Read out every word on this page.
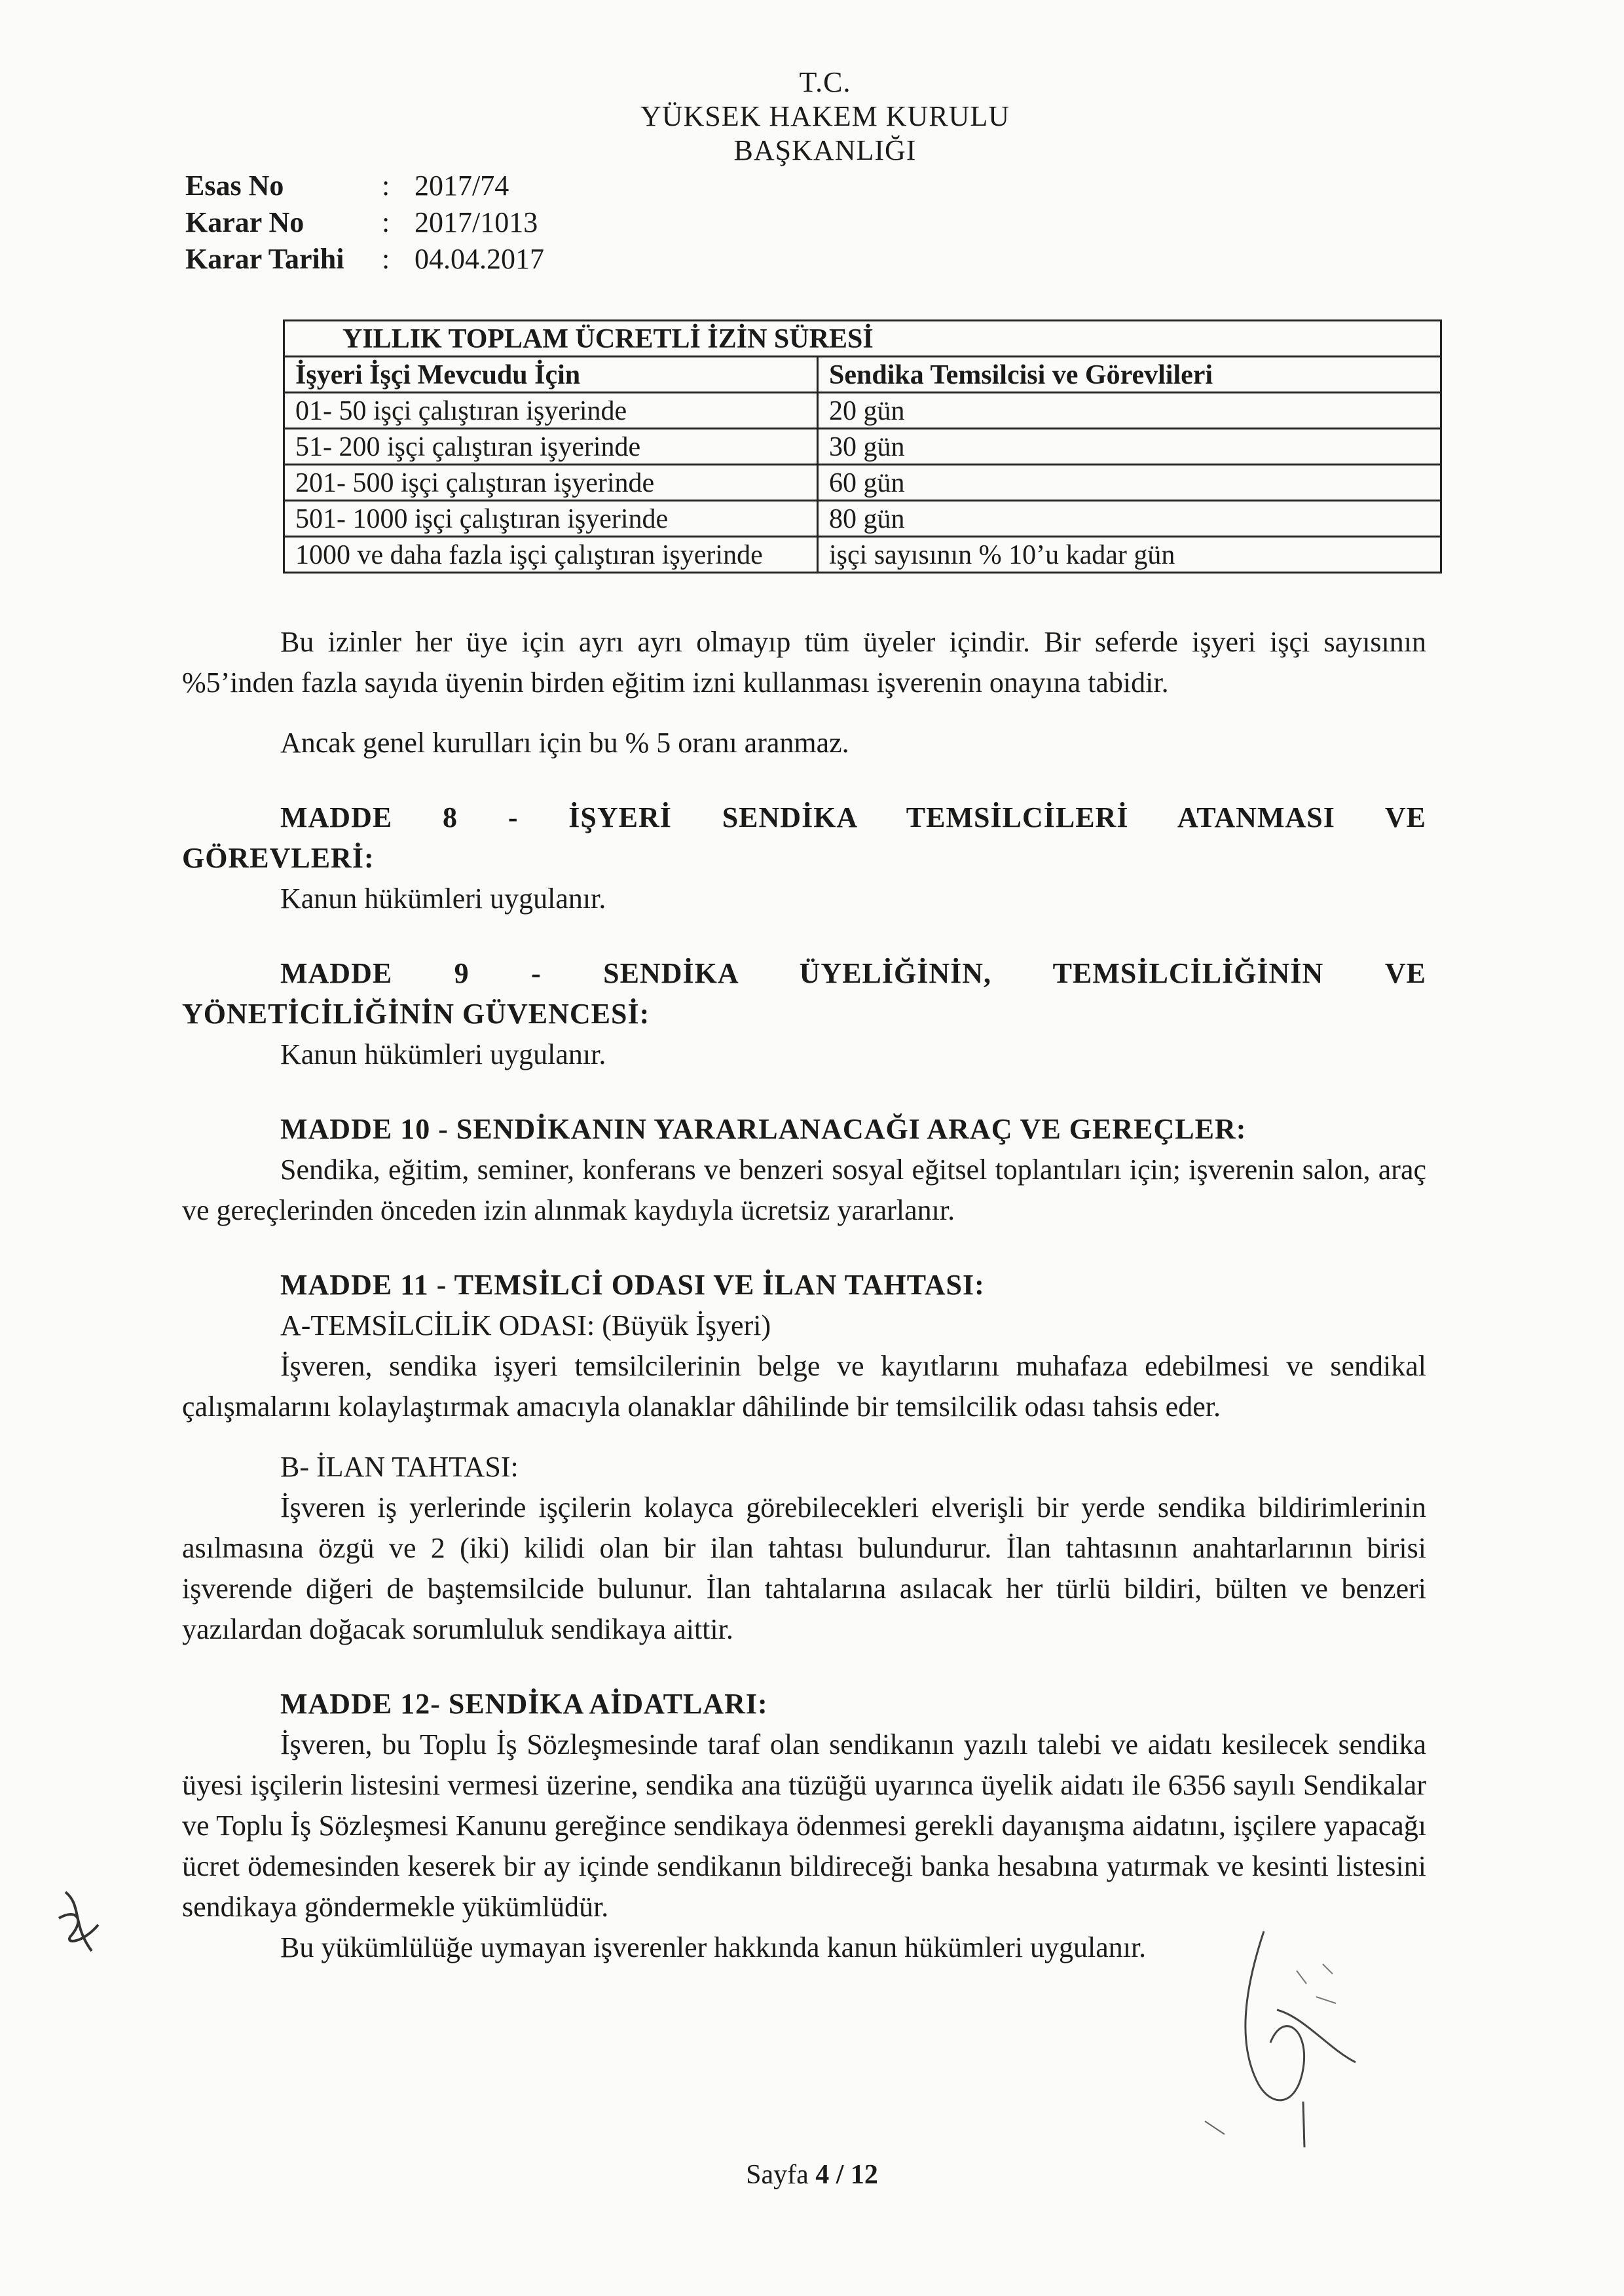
T.C.
YÜKSEK HAKEM KURULU
BAŞKANLIĞI
Esas No	: 2017/74
Karar No	: 2017/1013
Karar Tarihi	: 04.04.2017
YILLIK TOPLAM ÜCRETLİ İZİN SÜRESİ	
İşyeri İşçi Mevcudu İçin	Sendika Temsilcisi ve Görevlileri
01- 50 işçi çalıştıran işyerinde	20 gün
51- 200 işçi çalıştıran işyerinde	30 gün
201- 500 işçi çalıştıran işyerinde	60 gün
501- 1000 işçi çalıştıran işyerinde	80 gün
1000 ve daha fazla işçi çalıştıran işyerinde	işçi sayısının % 10’u kadar gün

Bu izinler her üye için ayrı ayrı olmayıp tüm üyeler içindir. Bir seferde işyeri işçi sayısının %5’inden fazla sayıda üyenin birden eğitim izni kullanması işverenin onayına tabidir.

Ancak genel kurulları için bu % 5 oranı aranmaz.

MADDE 8 - İŞYERİ SENDİKA TEMSİLCİLERİ ATANMASI VE

GÖREVLERİ:

Kanun hükümleri uygulanır.

MADDE 9 - SENDİKA ÜYELİĞİNİN, TEMSİLCİLİĞİNİN VE

YÖNETİCİLİĞİNİN GÜVENCESİ:

Kanun hükümleri uygulanır.

MADDE 10 - SENDİKANIN YARARLANACAĞI ARAÇ VE GEREÇLER:

Sendika, eğitim, seminer, konferans ve benzeri sosyal eğitsel toplantıları için; işverenin salon, araç ve gereçlerinden önceden izin alınmak kaydıyla ücretsiz yararlanır.

MADDE 11 - TEMSİLCİ ODASI VE İLAN TAHTASI:

A-TEMSİLCİLİK ODASI: (Büyük İşyeri)

İşveren, sendika işyeri temsilcilerinin belge ve kayıtlarını muhafaza edebilmesi ve sendikal çalışmalarını kolaylaştırmak amacıyla olanaklar dâhilinde bir temsilcilik odası tahsis eder.

B- İLAN TAHTASI:

İşveren iş yerlerinde işçilerin kolayca görebilecekleri elverişli bir yerde sendika bildirimlerinin asılmasına özgü ve 2 (iki) kilidi olan bir ilan tahtası bulundurur. İlan tahtasının anahtarlarının birisi işverende diğeri de baştemsilcide bulunur. İlan tahtalarına asılacak her türlü bildiri, bülten ve benzeri yazılardan doğacak sorumluluk sendikaya aittir.

MADDE 12- SENDİKA AİDATLARI:

İşveren, bu Toplu İş Sözleşmesinde taraf olan sendikanın yazılı talebi ve aidatı kesilecek sendika üyesi işçilerin listesini vermesi üzerine, sendika ana tüzüğü uyarınca üyelik aidatı ile 6356 sayılı Sendikalar ve Toplu İş Sözleşmesi Kanunu gereğince sendikaya ödenmesi gerekli dayanışma aidatını, işçilere yapacağı ücret ödemesinden keserek bir ay içinde sendikanın bildireceği banka hesabına yatırmak ve kesinti listesini sendikaya göndermekle yükümlüdür.

Bu yükümlülüğe uymayan işverenler hakkında kanun hükümleri uygulanır.

Sayfa 4 / 12
